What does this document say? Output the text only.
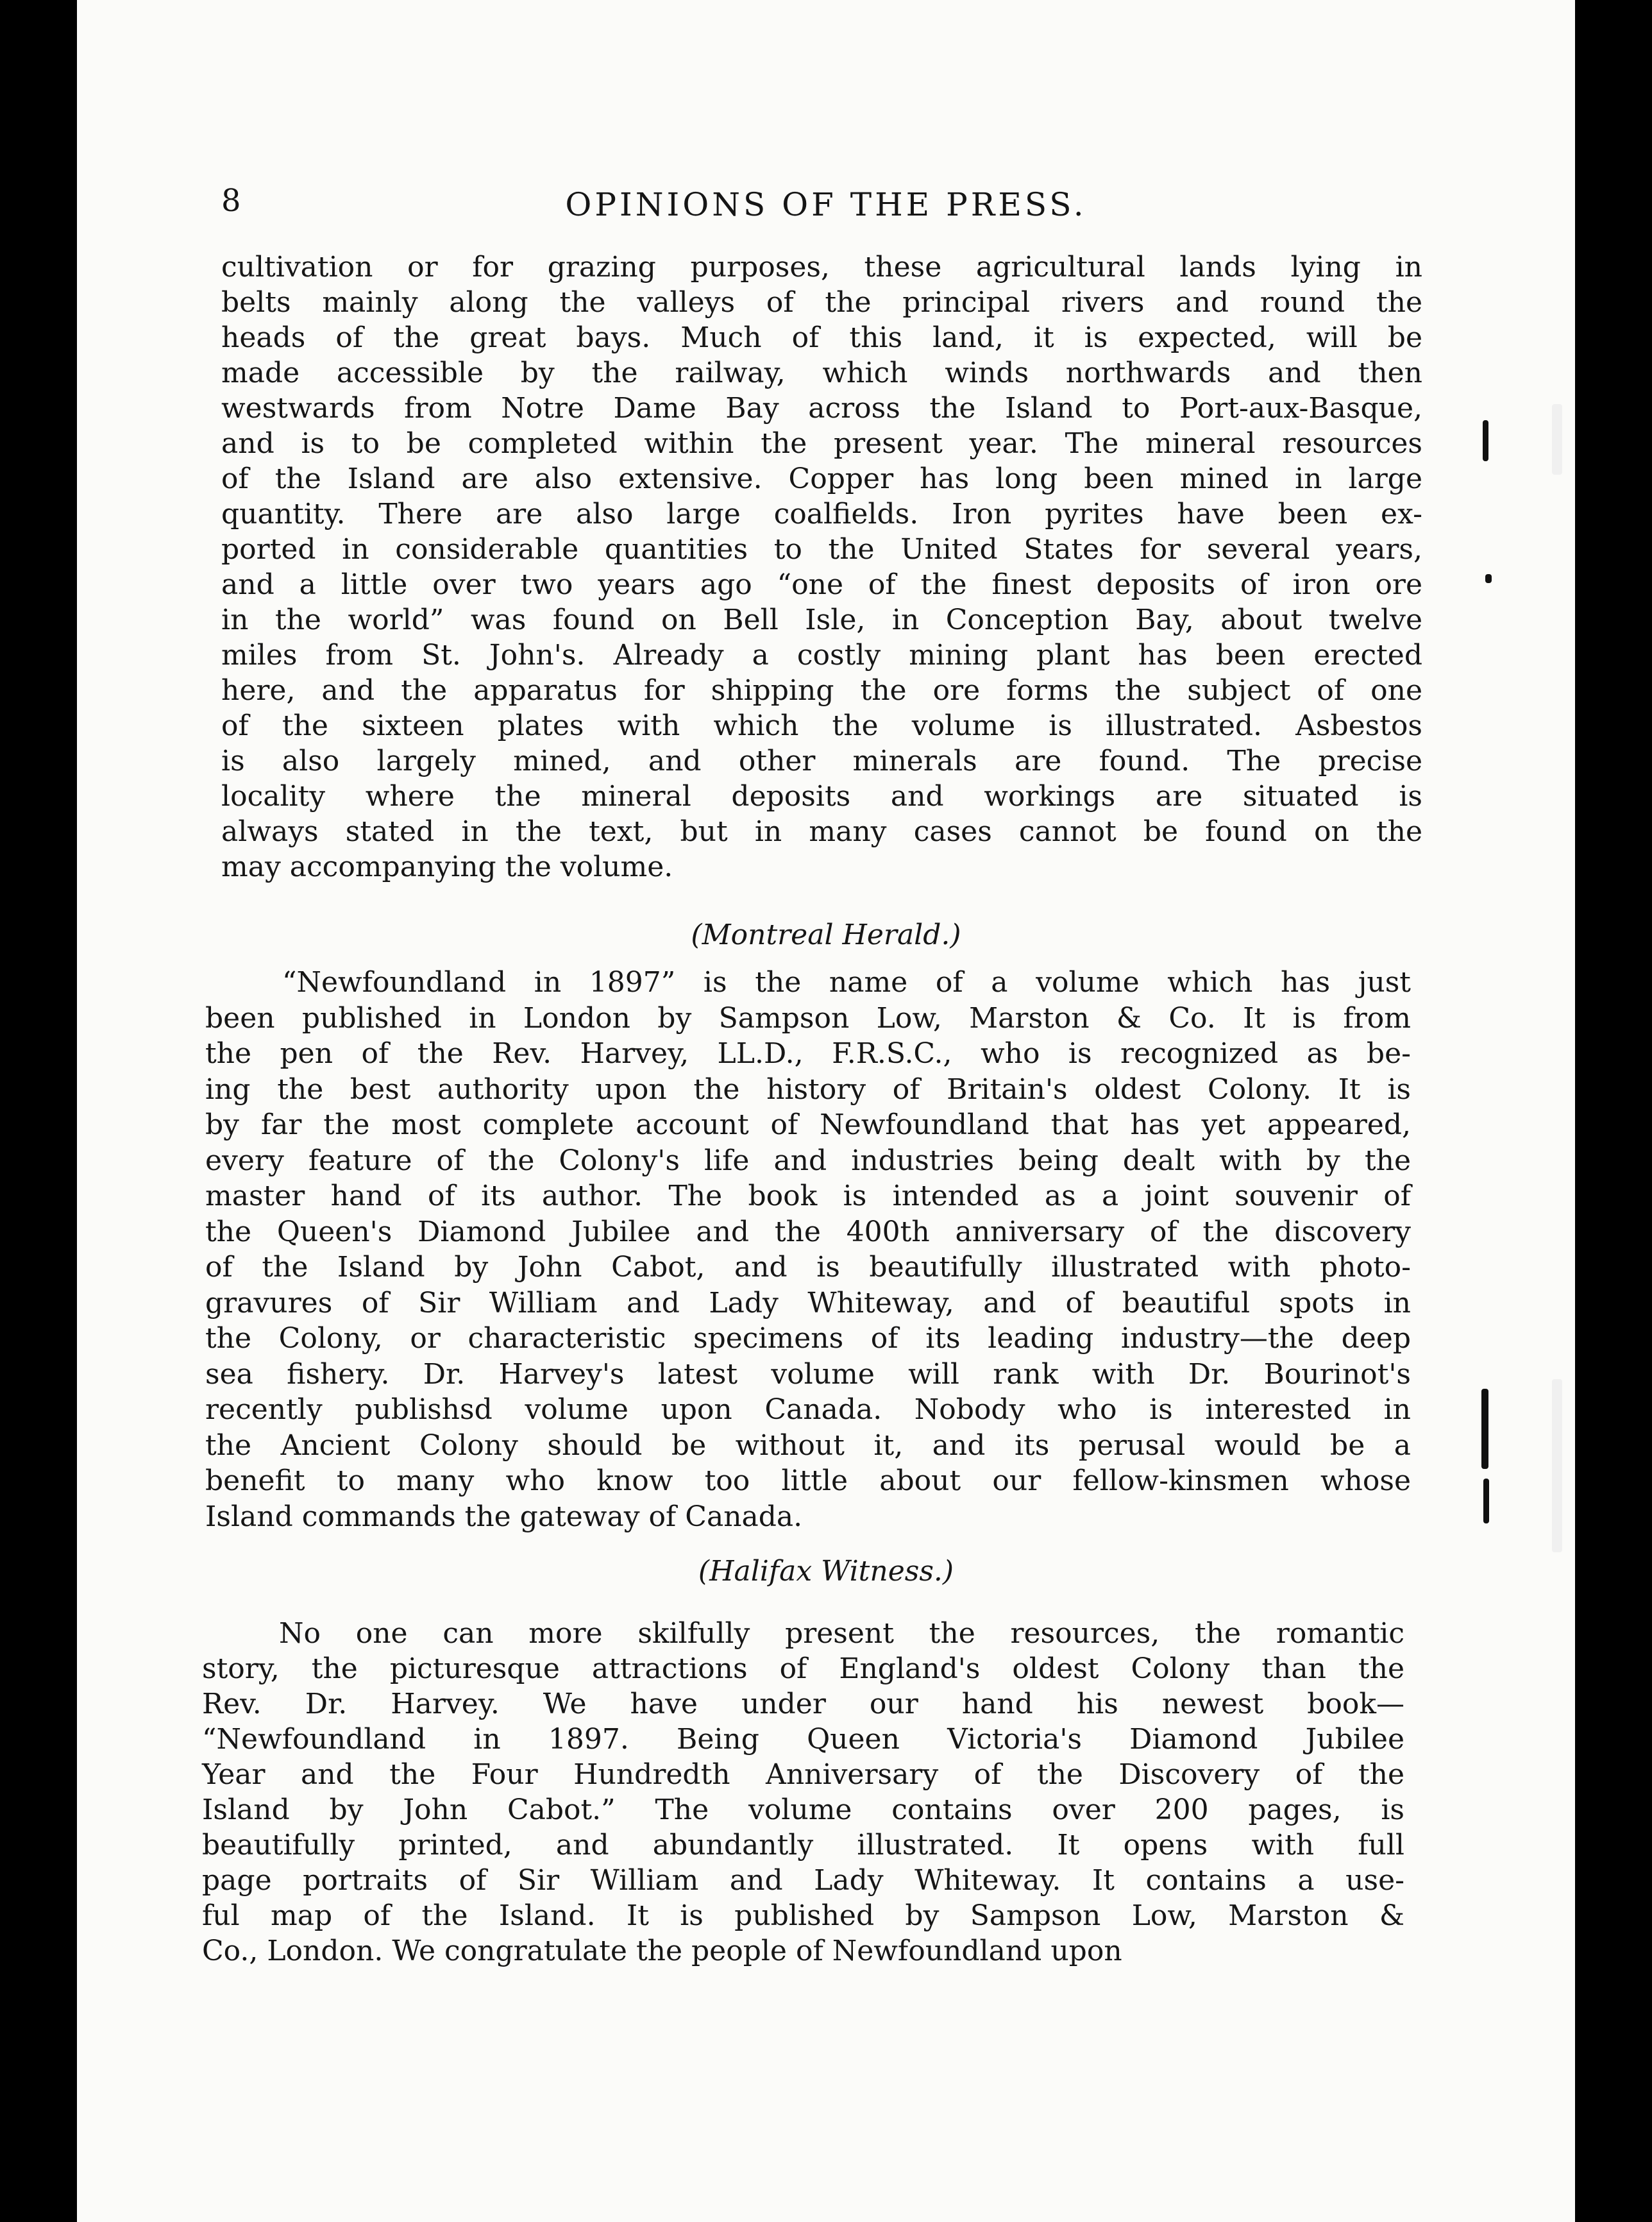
8	OPINIONS OF THE PRESS.

cultivation or for grazing purposes, these agricultural lands lying in

belts mainly along the valleys of the principal rivers and round the

heads of the great bays. Much of this land, it is expected, will be

made accessible by the railway, which winds northwards and then

westwards from Notre Dame Bay across the Island to Port-aux-Basque,

and is to be completed within the present year. The mineral resources

of the Island are also extensive. Copper has long been mined in large

quantity. There are also large coalfields. Iron pyrites have been ex-

ported in considerable quantities to the United States for several years,

and a little over two years ago “one of the finest deposits of iron ore

in the world” was found on Bell Isle, in Conception Bay, about twelve

miles from St. John's. Already a costly mining plant has been erected

here, and the apparatus for shipping the ore forms the subject of one

of the sixteen plates with which the volume is illustrated. Asbestos

is also largely mined, and other minerals are found. The precise

locality where the mineral deposits and workings are situated is

always stated in the text, but in many cases cannot be found on the

may accompanying the volume.

(Montreal Herald.)

“Newfoundland in 1897” is the name of a volume which has just

been published in London by Sampson Low, Marston & Co. It is from

the pen of the Rev. Harvey, LL.D., F.R.S.C., who is recognized as be-

ing the best authority upon the history of Britain's oldest Colony. It is

by far the most complete account of Newfoundland that has yet appeared,

every feature of the Colony's life and industries being dealt with by the

master hand of its author. The book is intended as a joint souvenir of

the Queen's Diamond Jubilee and the 400th anniversary of the discovery

of the Island by John Cabot, and is beautifully illustrated with photo-

gravures of Sir William and Lady Whiteway, and of beautiful spots in

the Colony, or characteristic specimens of its leading industry—the deep

sea fishery. Dr. Harvey's latest volume will rank with Dr. Bourinot's

recently publishsd volume upon Canada. Nobody who is interested in

the Ancient Colony should be without it, and its perusal would be a

benefit to many who know too little about our fellow-kinsmen whose

Island commands the gateway of Canada.

(Halifax Witness.)

No one can more skilfully present the resources, the romantic

story, the picturesque attractions of England's oldest Colony than the

Rev. Dr. Harvey. We have under our hand his newest book—

“Newfoundland in 1897. Being Queen Victoria's Diamond Jubilee

Year and the Four Hundredth Anniversary of the Discovery of the

Island by John Cabot.” The volume contains over 200 pages, is

beautifully printed, and abundantly illustrated. It opens with full

page portraits of Sir William and Lady Whiteway. It contains a use-

ful map of the Island. It is published by Sampson Low, Marston &

Co., London. We congratulate the people of Newfoundland upon
